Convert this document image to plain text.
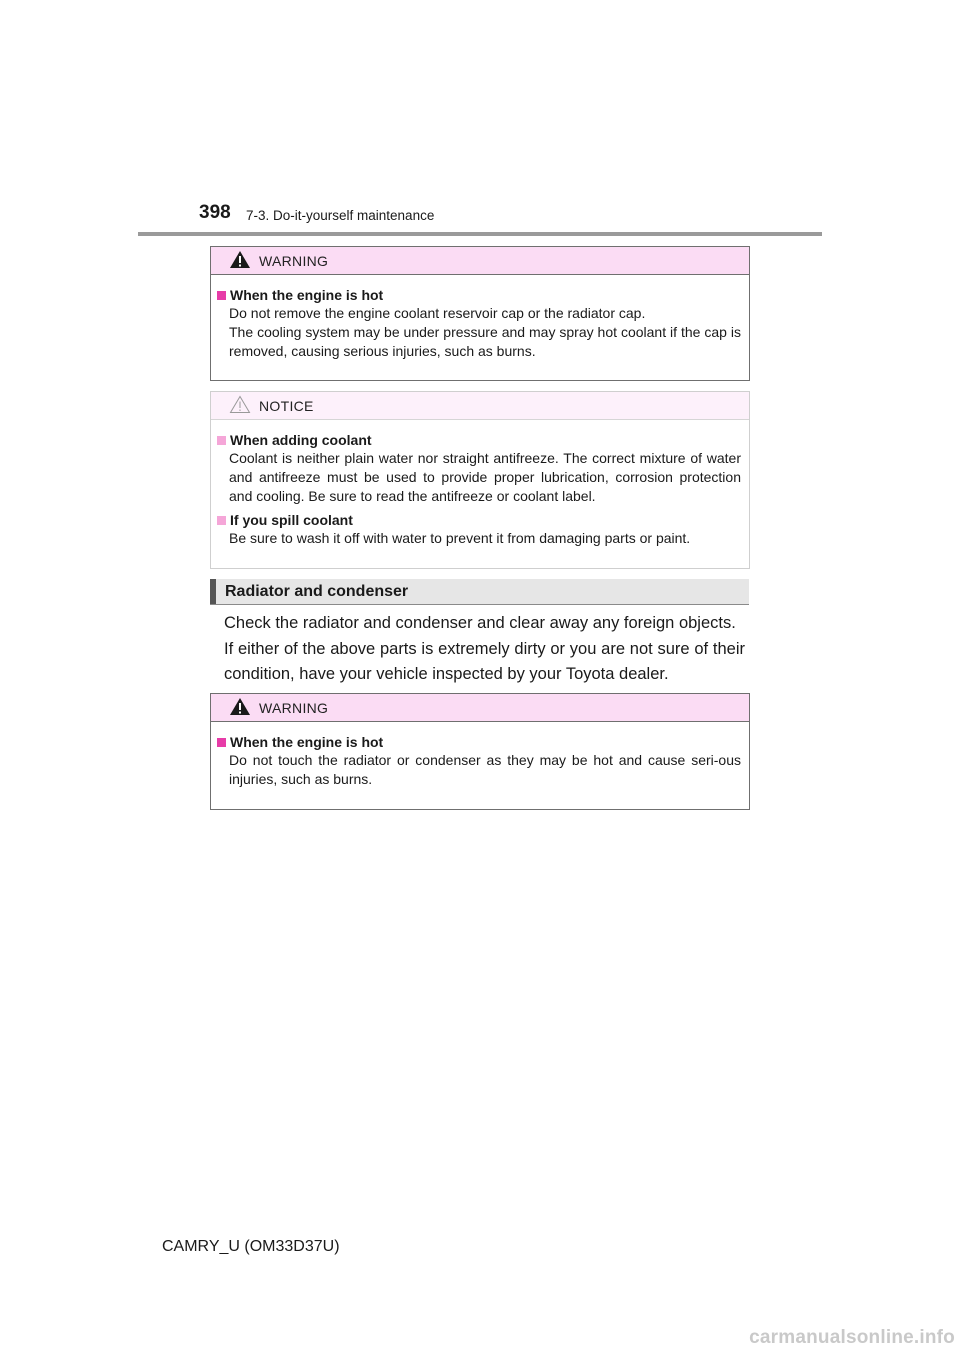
398 7-3. Do-it-yourself maintenance
WARNING
When the engine is hot
Do not remove the engine coolant reservoir cap or the radiator cap.
The cooling system may be under pressure and may spray hot coolant if the cap is removed, causing serious injuries, such as burns.
NOTICE
When adding coolant
Coolant is neither plain water nor straight antifreeze. The correct mixture of water and antifreeze must be used to provide proper lubrication, corrosion protection and cooling. Be sure to read the antifreeze or coolant label.
If you spill coolant
Be sure to wash it off with water to prevent it from damaging parts or paint.
Radiator and condenser
Check the radiator and condenser and clear away any foreign objects.
If either of the above parts is extremely dirty or you are not sure of their condition, have your vehicle inspected by your Toyota dealer.
WARNING
When the engine is hot
Do not touch the radiator or condenser as they may be hot and cause seri-ous injuries, such as burns.
CAMRY_U (OM33D37U)
carmanualsonline.info
